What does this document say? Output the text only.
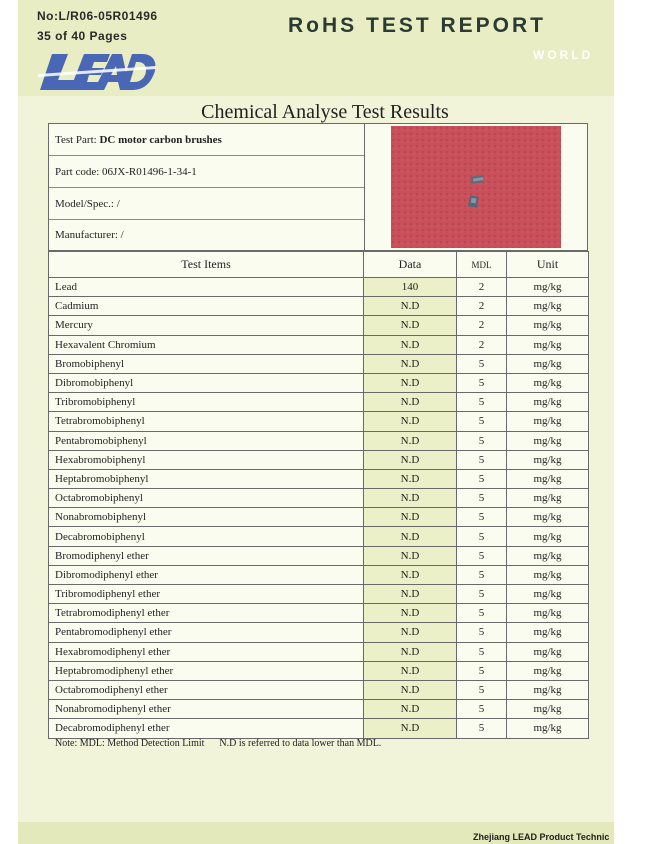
No:L/R06-05R01496
35 of 40 Pages	RoHS TEST REPORT
WORLD
Chemical Analyse Test Results
Test Part:
DC motor carbon brushes
Part code: 06JX-R01496-1-34-1
Model/Spec.: /
Manufacturer: /
Test Items	Data	MDL	Unit
Lead	140	2	mg/kg
Cadmium	N.D	2	mg/kg
Mercury	N.D	2	mg/kg
Hexavalent Chromium	N.D	2	mg/kg
Bromobiphenyl	N.D	5	mg/kg
Dibromobiphenyl	N.D	5	mg/kg
Tribromobiphenyl	N.D	5	mg/kg
Tetrabromobiphenyl	N.D	5	mg/kg
Pentabromobiphenyl	N.D	5	mg/kg
Hexabromobiphenyl	N.D	5	mg/kg
Heptabromobiphenyl	N.D	5	mg/kg
Octabromobiphenyl	N.D	5	mg/kg
Nonabromobiphenyl	N.D	5	mg/kg
Decabromobiphenyl	N.D	5	mg/kg
Bromodiphenyl ether	N.D	5	mg/kg
Dibromodiphenyl ether	N.D	5	mg/kg
Tribromodiphenyl ether	N.D	5	mg/kg
Tetrabromodiphenyl ether	N.D	5	mg/kg
Pentabromodiphenyl ether	N.D	5	mg/kg
Hexabromodiphenyl ether	N.D	5	mg/kg
Heptabromodiphenyl ether	N.D	5	mg/kg
Octabromodiphenyl ether	N.D	5	mg/kg
Nonabromodiphenyl ether	N.D	5	mg/kg
Decabromodiphenyl ether	N.D	5	mg/kg
Note: MDL: Method Detection Limit      N.D is referred to data lower than MDL.
Zhejiang LEAD Product Technic
